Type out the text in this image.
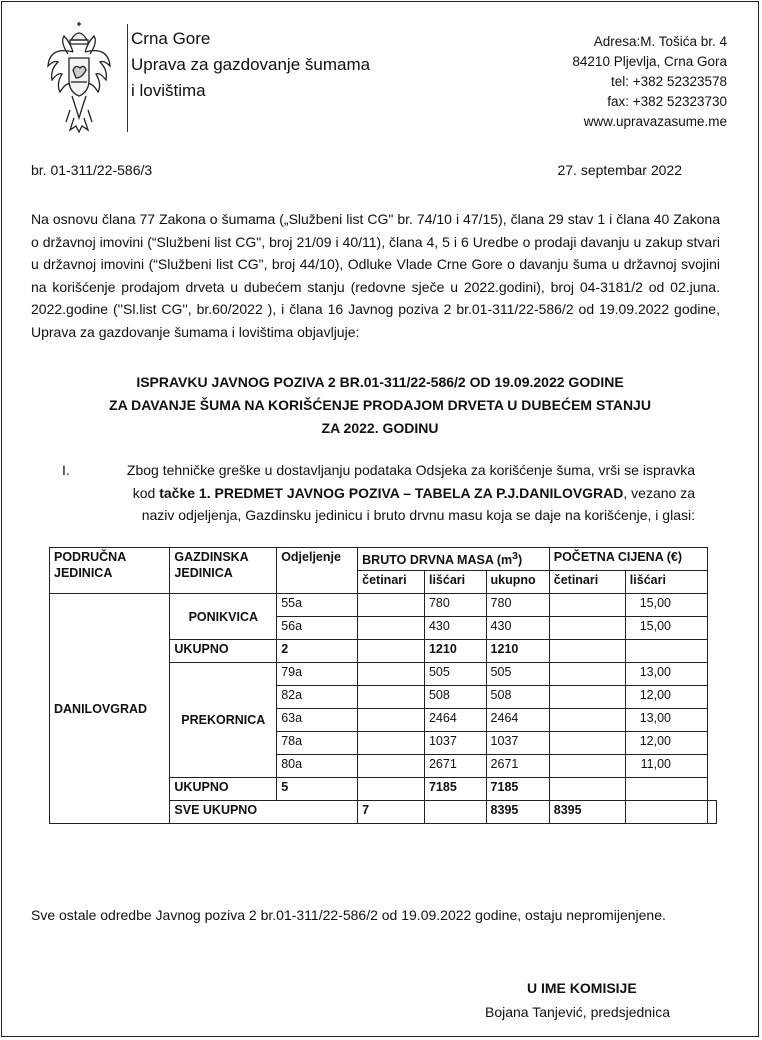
Crna Gore
Uprava za gazdovanje šumama
i lovištima
Adresa:M. Tošića br. 4
84210 Pljevlja, Crna Gora
tel: +382 52323578
fax: +382 52323730
www.upravazasume.me
br. 01-311/22-586/3	27. septembar 2022
Na osnovu člana 77 Zakona o šumama („Službeni list CG" br. 74/10 i 47/15), člana 29 stav 1 i člana 40 Zakona o državnoj imovini (“Službeni list CG", broj 21/09 i 40/11), člana 4, 5 i 6 Uredbe o prodaji davanju u zakup stvari u državnoj imovini (“Službeni list CG", broj 44/10), Odluke Vlade Crne Gore o davanju šuma u državnoj svojini na korišćenje prodajom drveta u dubećem stanju (redovne sječe u 2022.godini), broj 04-3181/2 od 02.juna. 2022.godine (''Sl.list CG'', br.60/2022 ), i člana 16 Javnog poziva 2 br.01-311/22-586/2 od 19.09.2022 godine, Uprava za gazdovanje šumama i lovištima objavljuje:
ISPRAVKU JAVNOG POZIVA 2 BR.01-311/22-586/2 OD 19.09.2022 GODINE
ZA DAVANJE ŠUMA NA KORIŠĆENJE PRODAJOM DRVETA U DUBEĆEM STANJU
ZA 2022. GODINU
I.	Zbog tehničke greške u dostavljanju podataka Odsjeka za korišćenje šuma, vrši se ispravka kod tačke 1. PREDMET JAVNOG POZIVA – TABELA ZA P.J.DANILOVGRAD, vezano za naziv odjeljenja, Gazdinsku jedinicu i bruto drvnu masu koja se daje na korišćenje, i glasi:
PODRUČNA JEDINICA	GAZDINSKA JEDINICA	Odjeljenje	BRUTO DRVNA MASA $(m^3)$			POČETNA CIJENA (€)		
			četinari	lišćari	ukupno	četinari	lišćari	
DANILOVGRAD	PONIKVICA	55a		780	780		15,00	
		56a		430	430		15,00	
	UKUPNO	2		1210	1210			
	PREKORNICA	79a		505	505		13,00	
		82a		508	508		12,00	
		63a		2464	2464		13,00	
		78a		1037	1037		12,00	
		80a		2671	2671		11,00	
	UKUPNO	5		7185	7185			
	SVE UKUPNO		7		8395	8395		
Sve ostale odredbe Javnog poziva 2 br.01-311/22-586/2 od 19.09.2022 godine, ostaju nepromijenjene.
U IME KOMISIJE
Bojana Tanjević, predsjednica
